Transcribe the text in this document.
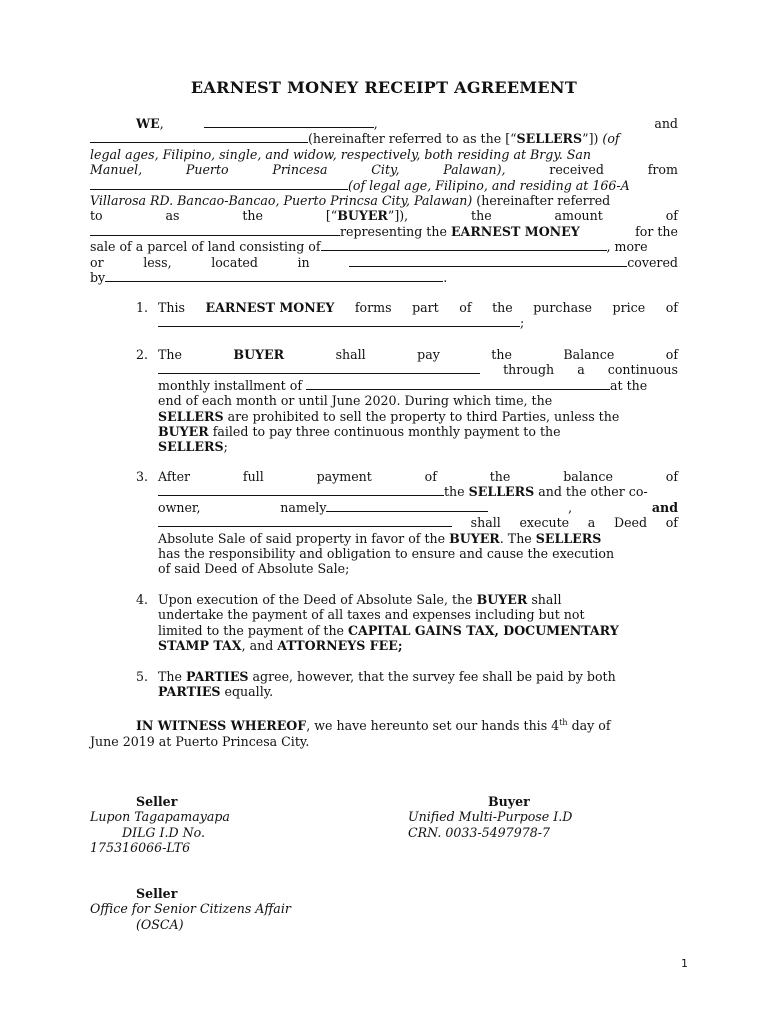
EARNEST MONEY RECEIPT AGREEMENT
WE,	,	and
(hereinafter referred to as the [“SELLERS”]) (of
legal ages, Filipino, single, and widow, respectively, both residing at Brgy. San
Manuel,	Puerto	Princesa	City,	Palawan),	received	from
(of legal age, Filipino, and residing at 166-A
Villarosa RD. Bancao-Bancao, Puerto Princsa City, Palawan) (hereinafter referred
to	as	the	[“BUYER”]),	the	amount	of
representing the EARNEST MONEY	for the
sale of a parcel of land consisting of	, more
or	less,	located	in	covered
by	.
1. This EARNEST MONEY forms part of the purchase price of
;
2. The	BUYER	shall	pay	the	Balance	of
through a continuous
monthly installment of	at the
end of each month or until June 2020. During which time, the
SELLERS are prohibited to sell the property to third Parties, unless the
BUYER failed to pay three continuous monthly payment to the
SELLERS;
3. After	full	payment	of	the	balance	of
the SELLERS and the other co-
owner,	namely	,	and
shall execute a Deed of
Absolute Sale of said property in favor of the BUYER. The SELLERS
has the responsibility and obligation to ensure and cause the execution
of said Deed of Absolute Sale;
4. Upon execution of the Deed of Absolute Sale, the BUYER shall
undertake the payment of all taxes and expenses including but not
limited to the payment of the CAPITAL GAINS TAX, DOCUMENTARY
STAMP TAX, and ATTORNEYS FEE;
5. The PARTIES agree, however, that the survey fee shall be paid by both
PARTIES equally.
IN WITNESS WHEREOF, we have hereunto set our hands this 4th day of
June 2019 at Puerto Princesa City.
Seller
Lupon Tagapamayapa
DILG I.D No.
175316066-LT6
Buyer
Unified Multi-Purpose I.D
CRN. 0033-5497978-7
Seller
Office for Senior Citizens Affair
(OSCA)
1
